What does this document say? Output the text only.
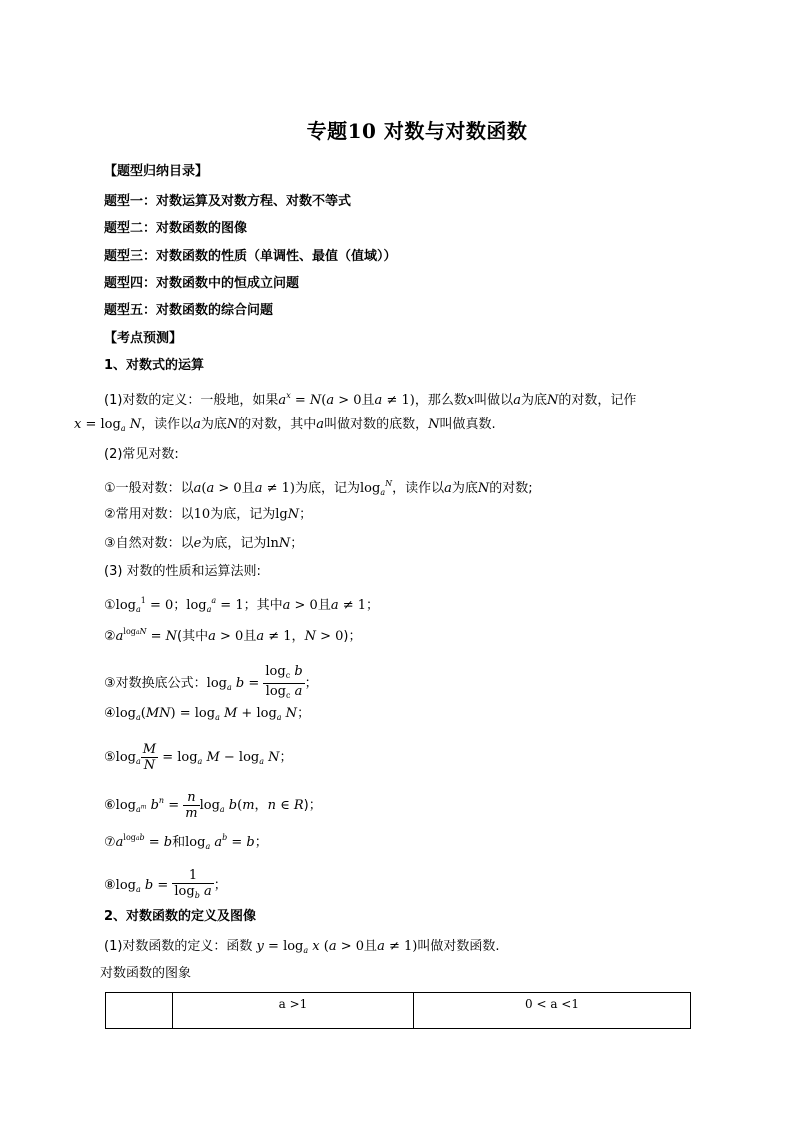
专题10 对数与对数函数
【题型归纳目录】
题型一：对数运算及对数方程、对数不等式
题型二：对数函数的图像
题型三：对数函数的性质（单调性、最值（值域））
题型四：对数函数中的恒成立问题
题型五：对数函数的综合问题
【考点预测】
1、对数式的运算
(1)对数的定义：一般地，如果$a^x = N(a > 0$且a ≠ 1)，那么数x叫做以a为底N的对数，记作
$x = \log_a N$，读作以a为底N的对数，其中a叫做对数的底数，N叫做真数.
(2)常见对数:
①一般对数：以a(a > 0且a ≠ 1)为底，记为$\log_a^N$，读作以a为底N的对数;
②常用对数：以10为底，记为lgN；
③自然对数：以e为底，记为lnN；
(3) 对数的性质和运算法则:
$①\log_a^1 = 0$；$\log_a^a = 1$；其中a > 0且a ≠ 1；
$②a^{logaN} = N$(其中a > 0且a ≠ 1，N > 0)；
③对数换底公式：$\log_a b = \frac{\log_c b}{\log_c a}$ ；
$④\log_a(MN) = \log_a M + \log_a N$；
$⑤\log_a \frac{M}{N} = \log_a M - \log_a N$；
$⑥\log_{a^m}$ $b^n = \frac{n}{m} \log_a b(m$，n ∈ R)；
$⑦a^{logab} = b$和$\log_a a^b = b$；
$⑧\log_a$ $b = \frac{1}{\log_b a}$ ；
2、对数函数的定义及图像
(1)对数函数的定义：函数 $y = \log_a x$ (a > 0且a ≠ 1)叫做对数函数.
对数函数的图象
	a >1	0 < a <1
